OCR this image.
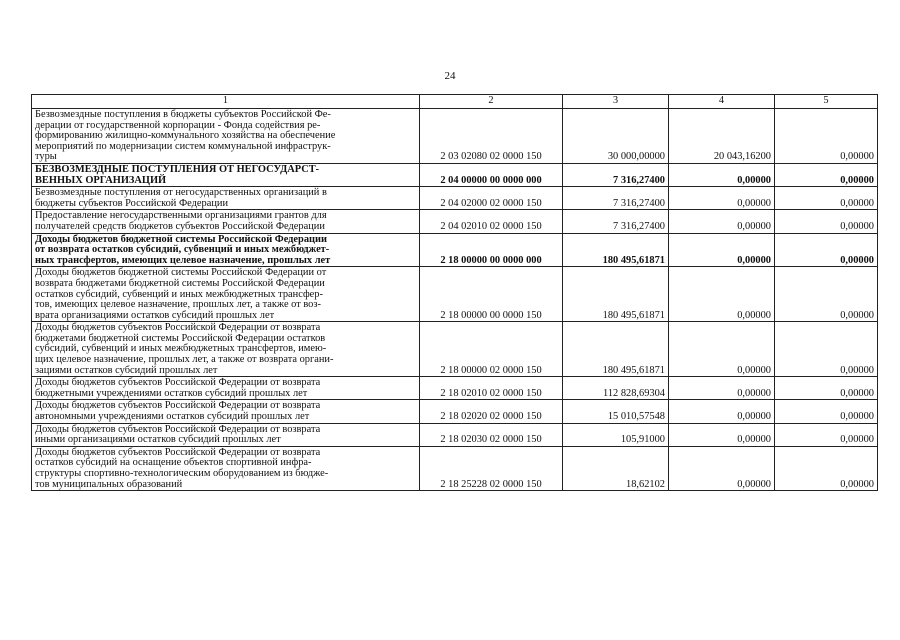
24
1	2	3	4	5

Безвозмездные поступления в бюджеты субъектов Российской Фе-
дерации от государственной корпорации - Фонда содействия ре-
формированию жилищно-коммунального хозяйства на обеспечение
мероприятий по модернизации систем коммунальной инфраструк-
туры	2 03 02080 02 0000 150	30 000,00000	20 043,16200	0,00000

БЕЗВОЗМЕЗДНЫЕ ПОСТУПЛЕНИЯ ОТ НЕГОСУДАРСТ-
ВЕННЫХ ОРГАНИЗАЦИЙ	2 04 00000 00 0000 000	7 316,27400	0,00000	0,00000

Безвозмездные поступления от негосударственных организаций в
бюджеты субъектов Российской Федерации	2 04 02000 02 0000 150	7 316,27400	0,00000	0,00000

Предоставление негосударственными организациями грантов для
получателей средств бюджетов субъектов Российской Федерации	2 04 02010 02 0000 150	7 316,27400	0,00000	0,00000

Доходы бюджетов бюджетной системы Российской Федерации
от возврата остатков субсидий, субвенций и иных межбюджет-
ных трансфертов, имеющих целевое назначение, прошлых лет	2 18 00000 00 0000 000	180 495,61871	0,00000	0,00000

Доходы бюджетов бюджетной системы Российской Федерации от
возврата бюджетами бюджетной системы Российской Федерации
остатков субсидий, субвенций и иных межбюджетных трансфер-
тов, имеющих целевое назначение, прошлых лет, а также от воз-
врата организациями остатков субсидий прошлых лет	2 18 00000 00 0000 150	180 495,61871	0,00000	0,00000

Доходы бюджетов субъектов Российской Федерации от возврата
бюджетами бюджетной системы Российской Федерации остатков
субсидий, субвенций и иных межбюджетных трансфертов, имею-
щих целевое назначение, прошлых лет, а также от возврата органи-
зациями остатков субсидий прошлых лет	2 18 00000 02 0000 150	180 495,61871	0,00000	0,00000

Доходы бюджетов субъектов Российской Федерации от возврата
бюджетными учреждениями остатков субсидий прошлых лет	2 18 02010 02 0000 150	112 828,69304	0,00000	0,00000

Доходы бюджетов субъектов Российской Федерации от возврата
автономными учреждениями остатков субсидий прошлых лет	2 18 02020 02 0000 150	15 010,57548	0,00000	0,00000

Доходы бюджетов субъектов Российской Федерации от возврата
иными организациями остатков субсидий прошлых лет	2 18 02030 02 0000 150	105,91000	0,00000	0,00000

Доходы бюджетов субъектов Российской Федерации от возврата
остатков субсидий на оснащение объектов спортивной инфра-
структуры спортивно-технологическим оборудованием из бюдже-
тов муниципальных образований	2 18 25228 02 0000 150	18,62102	0,00000	0,00000
